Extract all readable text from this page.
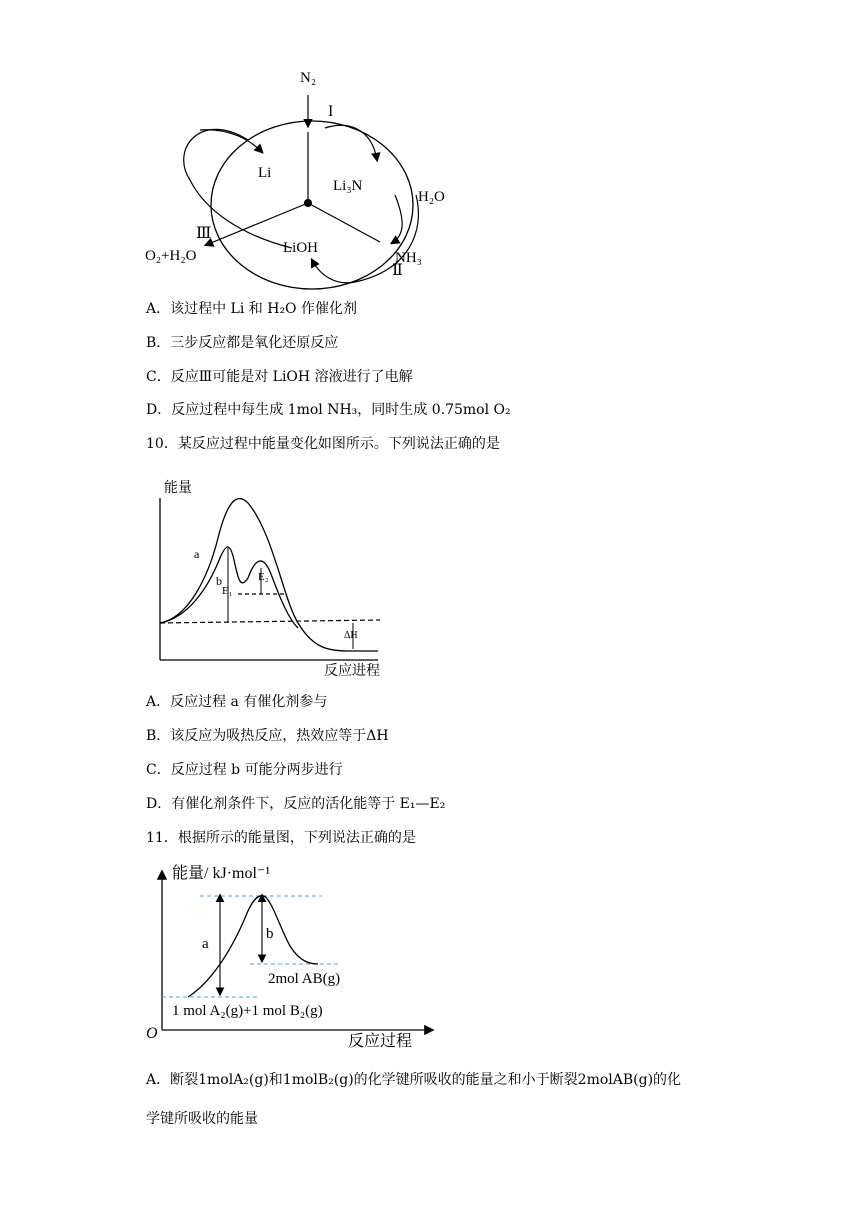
N₂
I
Li
Li₃N
H₂O
Ⅲ
LiOH
NH₃
O₂+H₂O
Ⅱ
A．该过程中 Li 和 H₂O 作催化剂
B．三步反应都是氧化还原反应
C．反应Ⅲ可能是对 LiOH 溶液进行了电解
D．反应过程中每生成 1mol NH₃，同时生成 0.75mol O₂
10．某反应过程中能量变化如图所示。下列说法正确的是
能量
反应进程
a
b
E₁
E₂
ΔH
A．反应过程 a 有催化剂参与
B．该反应为吸热反应，热效应等于ΔH
C．反应过程 b 可能分两步进行
D．有催化剂条件下，反应的活化能等于 E₁—E₂
11．根据所示的能量图，下列说法正确的是
能量/ kJ·mol⁻¹
O	反应过程
a
b
2mol AB(g)
1 mol A₂(g)+1 mol B₂(g)
A．断裂1molA₂(g)和1molB₂(g)的化学键所吸收的能量之和小于断裂2molAB(g)的化
学键所吸收的能量
